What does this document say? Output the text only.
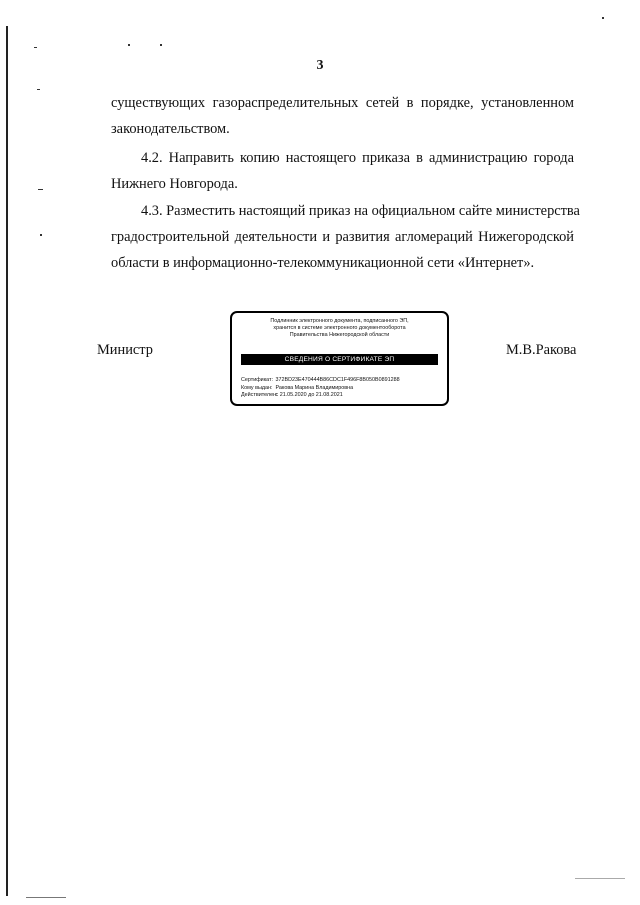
3
существующих газораспределительных сетей в порядке, установленном
законодательством.
4.2. Направить копию настоящего приказа в администрацию города
Нижнего Новгорода.
4.3. Разместить настоящий приказ на официальном сайте министерства
градостроительной деятельности и развития агломераций Нижегородской
области в информационно-телекоммуникационной сети «Интернет».
Министр	М.В.Ракова
Подлинник электронного документа, подписанного ЭП,
хранится в системе электронного документооборота
Правительства Нижегородской области
СВЕДЕНИЯ О СЕРТИФИКАТЕ ЭП
Сертификат: 372BD23E470444B86CDC1F496F8B050B0891288
Кому выдан: Ракова Марина Владимировна
Действителен: с 21.05.2020 до 21.08.2021
